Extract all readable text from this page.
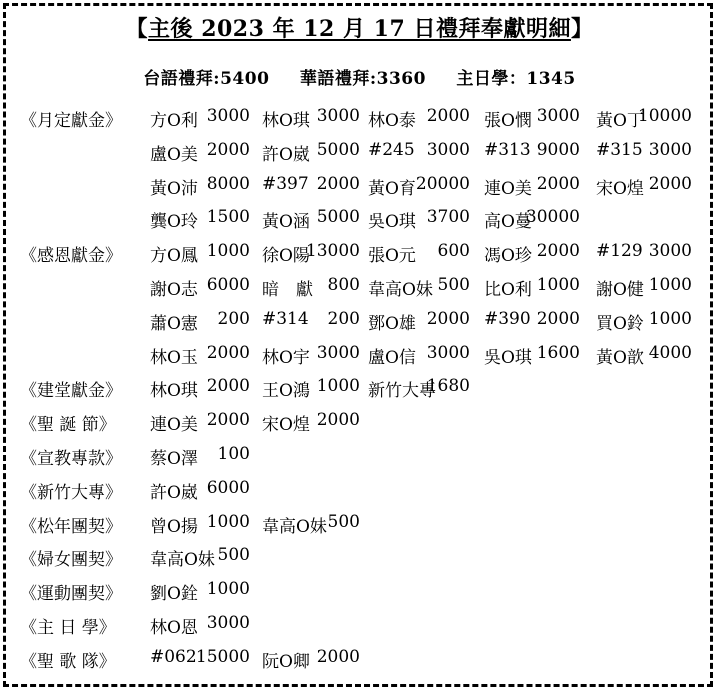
【主後 2023 年 12 月 17 日禮拜奉獻明細】
台語禮拜:5400 華語禮拜:3360 主日學：1345
《月定獻金》 方O利 3000 林O琪 3000 林O泰 2000 張O憫 3000 黃O丁
10000
盧O美 2000 許O崴 5000 #245 3000 #313 9000 #315 3000
黃O沛 8000 #397 2000 黃O育 20000 連O美 2000 宋O煌 2000
龔O玲 1500 黃O涵 5000 吳O琪 3700 高O蔓
30000
《感恩獻金》 方O鳳 1000 徐O陽
13000 張O元 600 馮O珍 2000 #129 3000
謝O志 6000 暗　獻 800 韋高O妹 500 比O利 1000 謝O健 1000
蕭O憲 200 #314 200 鄧O雄 2000 #390 2000 買O鈴 1000
林O玉 2000 林O宇 3000 盧O信 3000 吳O琪 1600 黃O歆 4000
《建堂獻金》 林O琪 2000 王O鴻 1000 新竹大專
1680
《聖 誕 節》 連O美 2000 宋O煌 2000
《宣教專款》 蔡O澤 100
《新竹大專》 許O崴 6000
《松年團契》 曾O揚 1000 韋高O妹 500
《婦女團契》 韋高O妹 500
《運動團契》 劉O銓 1000
《主 日 學》 林O恩 3000
《聖 歌 隊》 #062 15000 阮O卿 2000
